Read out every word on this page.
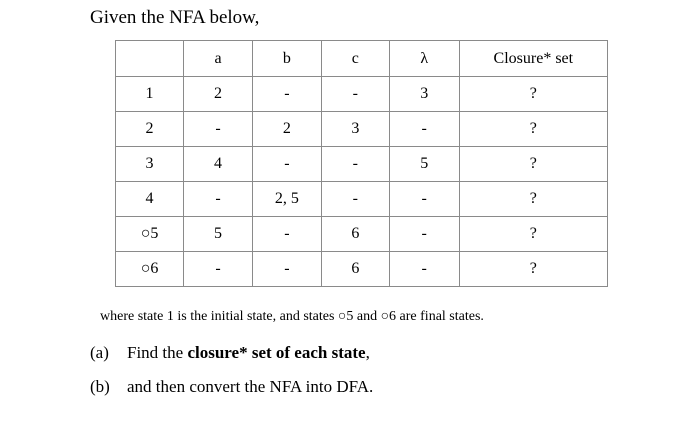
Given the NFA below,
	a	b	c	λ	Closure* set
1	2	-	-	3	?
2	-	2	3	-	?
3	4	-	-	5	?
4	-	2, 5	-	-	?
○5	5	-	6	-	?
○6	-	-	6	-	?
where state 1 is the initial state, and states ○5 and ○6 are final states.
(a) Find the closure* set of each state,
(b) and then convert the NFA into DFA.
